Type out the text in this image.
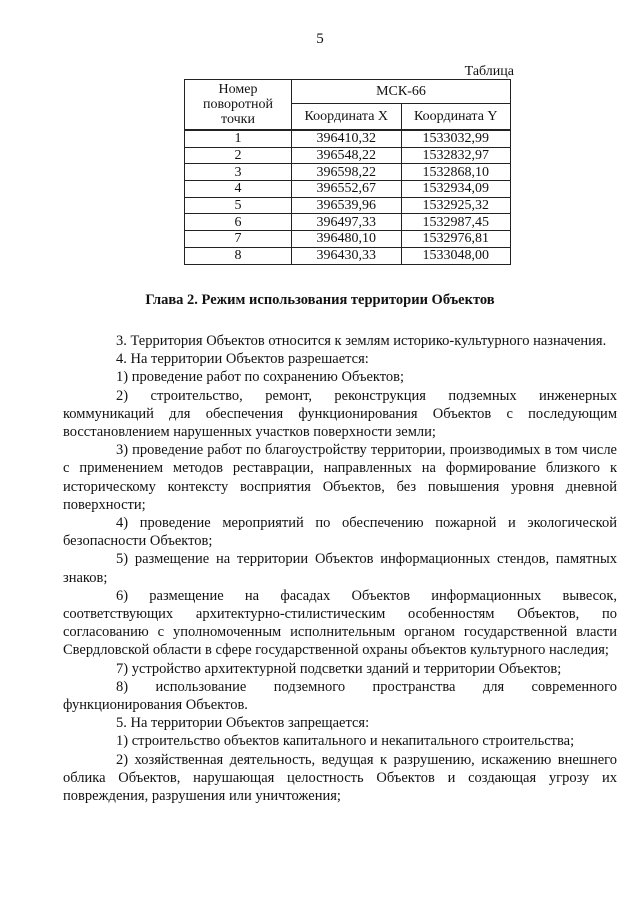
5
Таблица
Номер
поворотной
точки	МСК-66	
	Координата X	Координата Y
1	396410,32	1533032,99
2	396548,22	1532832,97
3	396598,22	1532868,10
4	396552,67	1532934,09
5	396539,96	1532925,32
6	396497,33	1532987,45
7	396480,10	1532976,81
8	396430,33	1533048,00
Глава 2. Режим использования территории Объектов

3. Территория Объектов относится к землям историко-культурного назначения.

4. На территории Объектов разрешается:

1) проведение работ по сохранению Объектов;

2) строительство, ремонт, реконструкция подземных инженерных коммуникаций для обеспечения функционирования Объектов с последующим восстановлением нарушенных участков поверхности земли;

3) проведение работ по благоустройству территории, производимых в том числе с применением методов реставрации, направленных на формирование близкого к историческому контексту восприятия Объектов, без повышения уровня дневной поверхности;

4) проведение мероприятий по обеспечению пожарной и экологической безопасности Объектов;

5) размещение на территории Объектов информационных стендов, памятных знаков;

6) размещение на фасадах Объектов информационных вывесок, соответствующих архитектурно-стилистическим особенностям Объектов, по согласованию с уполномоченным исполнительным органом государственной власти Свердловской области в сфере государственной охраны объектов культурного наследия;

7) устройство архитектурной подсветки зданий и территории Объектов;

8) использование подземного пространства для современного функционирования Объектов.

5. На территории Объектов запрещается:

1) строительство объектов капитального и некапитального строительства;

2) хозяйственная деятельность, ведущая к разрушению, искажению внешнего облика Объектов, нарушающая целостность Объектов и создающая угрозу их повреждения, разрушения или уничтожения;
